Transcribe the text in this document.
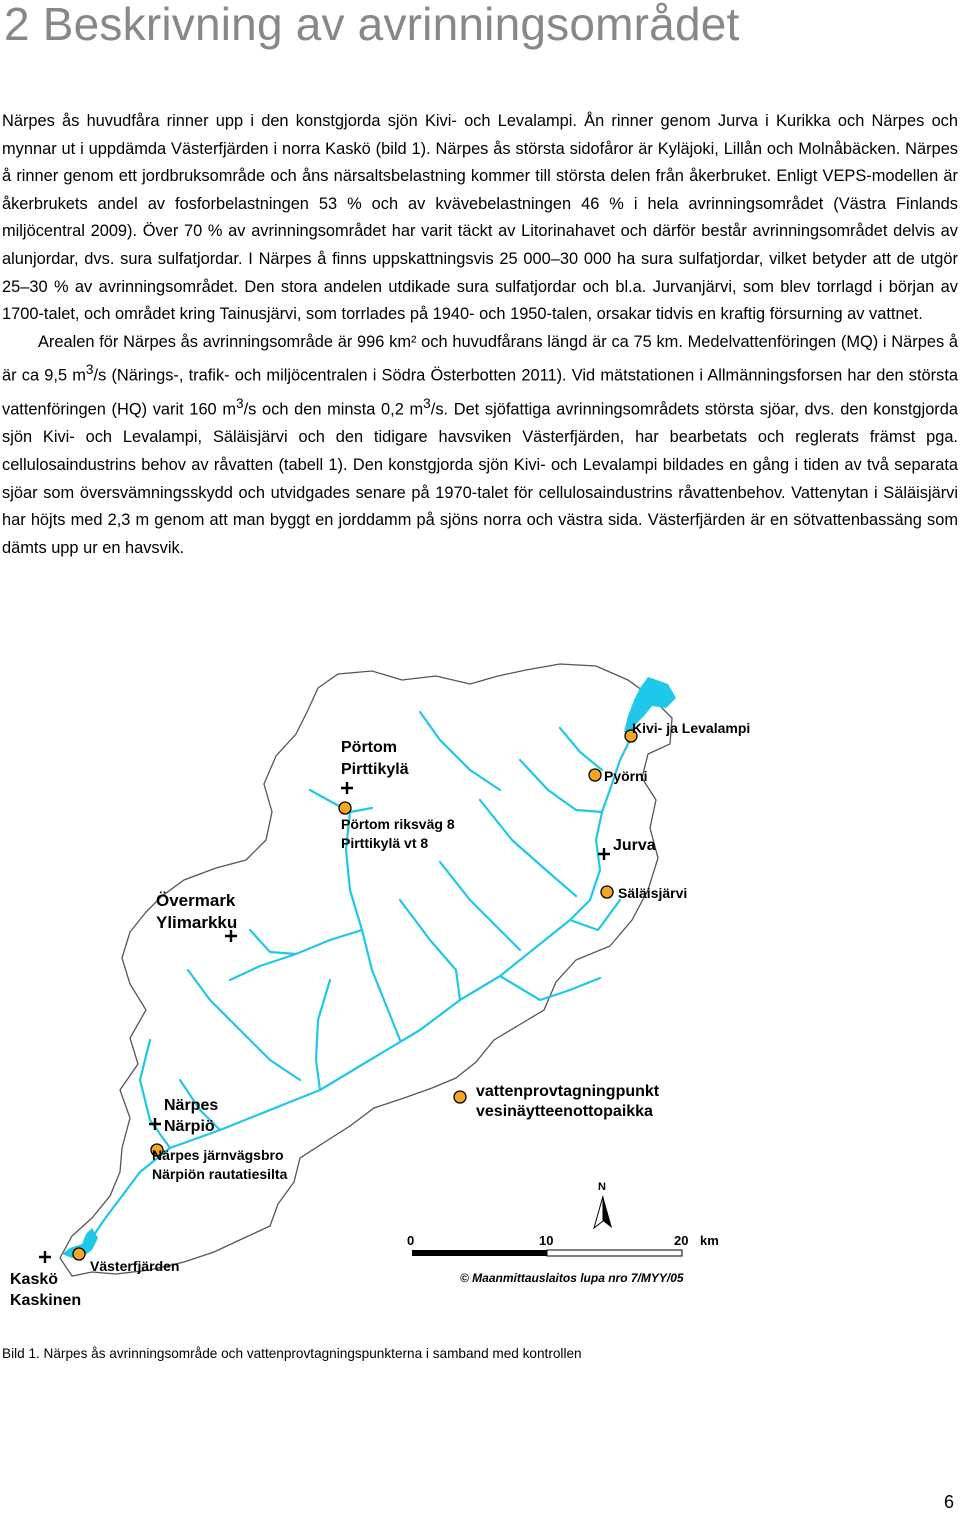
2 Beskrivning av avrinningsområdet

Närpes ås huvudfåra rinner upp i den konstgjorda sjön Kivi- och Levalampi. Ån rinner genom Jurva i Kurikka och Närpes och mynnar ut i uppdämda Västerfjärden i norra Kaskö (bild 1). Närpes ås största sidofåror är Kyläjoki, Lillån och Molnåbäcken. Närpes å rinner genom ett jordbruksområde och åns närsaltsbelastning kommer till största delen från åkerbruket. Enligt VEPS-modellen är åkerbrukets andel av fosforbelastningen 53 % och av kvävebelastningen 46 % i hela avrinningsområdet (Västra Finlands miljöcentral 2009). Över 70 % av avrinningsområdet har varit täckt av Litorinahavet och därför består avrinningsområdet delvis av alunjordar, dvs. sura sulfatjordar. I Närpes å finns uppskattningsvis 25 000–30 000 ha sura sulfatjordar, vilket betyder att de utgör 25–30 % av avrinningsområdet. Den stora andelen utdikade sura sulfatjordar och bl.a. Jurvanjärvi, som blev torrlagd i början av 1700-talet, och området kring Tainusjärvi, som torrlades på 1940- och 1950-talen, orsakar tidvis en kraftig försurning av vattnet.

Arealen för Närpes ås avrinningsområde är 996 km² och huvudfårans längd är ca 75 km. Medelvattenföringen (MQ) i Närpes å är ca 9,5 $m^3/s$ (Närings-, trafik- och miljöcentralen i Södra Österbotten 2011). Vid mätstationen i Allmänningsforsen har den största vattenföringen (HQ) varit 160 $m^3/s$ och den minsta 0,2 $m^3/s$. Det sjöfattiga avrinningsområdets största sjöar, dvs. den konstgjorda sjön Kivi- och Levalampi, Säläisjärvi och den tidigare havsviken Västerfjärden, har bearbetats och reglerats främst pga. cellulosaindustrins behov av råvatten (tabell 1). Den konstgjorda sjön Kivi- och Levalampi bildades en gång i tiden av två separata sjöar som översvämningsskydd och utvidgades senare på 1970-talet för cellulosaindustrins råvattenbehov. Vattenytan i Säläisjärvi har höjts med 2,3 m genom att man byggt en jorddamm på sjöns norra och västra sida. Västerfjärden är en sötvattenbassäng som dämts upp ur en havsvik.

Kivi- ja Levalampi
Pyörni
Pörtom
Pirttikylä
Pörtom riksväg 8
Pirttikylä vt 8	Jurva
Säläisjärvi
Övermark
Ylimarkku
Närpes
Närpiö
Närpes järnvägsbro
Närpiön rautatiesilta
Västerfjärden
Kaskö
Kaskinen
vattenprovtagningpunkt
vesinäytteenottopaikka
N
0	10	20 km
© Maanmittauslaitos lupa nro 7/MYY/05
Bild 1. Närpes ås avrinningsområde och vattenprovtagningspunkterna i samband med kontrollen
6
